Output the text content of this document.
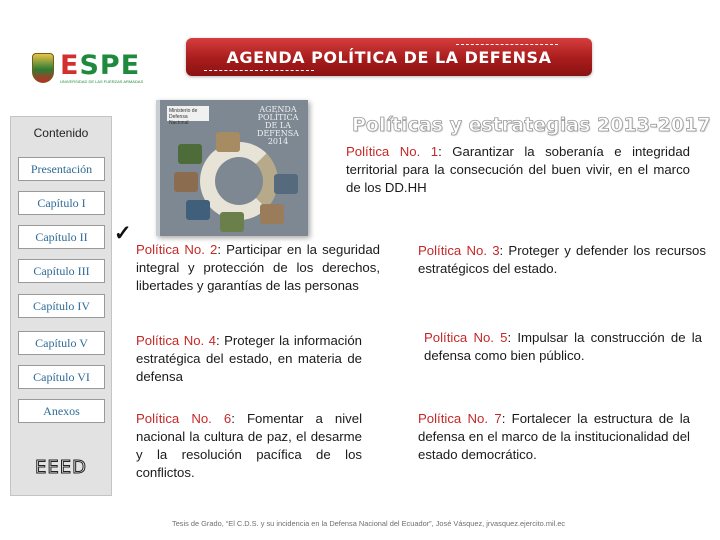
ESPE
UNIVERSIDAD DE LAS FUERZAS ARMADAS
AGENDA POLÍTICA DE LA DEFENSA
Contenido
Presentación
Capítulo I
Capítulo II
Capítulo III
Capítulo IV
Capítulo V
Capítulo VI
Anexos
EEED
✓
Ministerio de Defensa Nacional
AGENDA POLÍTICA DE LA DEFENSA
2014
Políticas y estrategias 2013-2017
Política No. 1: Garantizar la soberanía e integridad territorial para la consecución del buen vivir, en el marco de los DD.HH
Política No. 2: Participar en la seguridad integral y protección de los derechos, libertades y garantías de las personas
Política No. 3: Proteger y defender los recursos estratégicos del estado.
Política No. 4: Proteger la información estratégica del estado, en materia de defensa
Política No. 5: Impulsar la construcción de la defensa como bien público.
Política No. 6: Fomentar a nivel nacional la cultura de paz, el desarme y la resolución pacífica de los conflictos.
Política No. 7: Fortalecer la estructura de la defensa en el marco de la institucionalidad del estado democrático.
Tesis de Grado, “El C.D.S. y su incidencia en la Defensa Nacional del Ecuador”, José Vásquez, jrvasquez.ejercito.mil.ec
